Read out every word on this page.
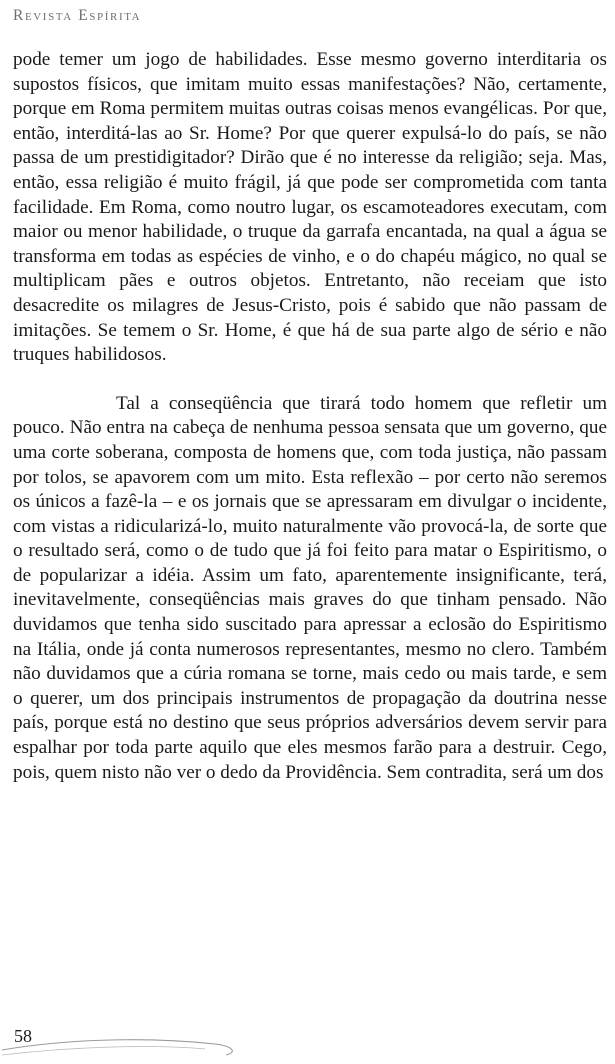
Revista Espírita

pode temer um jogo de habilidades. Esse mesmo governo interditaria os supostos físicos, que imitam muito essas manifestações? Não, certamente, porque em Roma permitem muitas outras coisas menos evangélicas. Por que, então, interditá-las ao Sr. Home? Por que querer expulsá-lo do país, se não passa de um prestidigitador? Dirão que é no interesse da religião; seja. Mas, então, essa religião é muito frágil, já que pode ser comprometida com tanta facilidade. Em Roma, como noutro lugar, os escamoteadores executam, com maior ou menor habilidade, o truque da garrafa encantada, na qual a água se transforma em todas as espécies de vinho, e o do chapéu mágico, no qual se multiplicam pães e outros objetos. Entretanto, não receiam que isto desacredite os milagres de Jesus-Cristo, pois é sabido que não passam de imitações. Se temem o Sr. Home, é que há de sua parte algo de sério e não truques habilidosos.

Tal a conseqüência que tirará todo homem que refletir um pouco. Não entra na cabeça de nenhuma pessoa sensata que um governo, que uma corte soberana, composta de homens que, com toda justiça, não passam por tolos, se apavorem com um mito. Esta reflexão – por certo não seremos os únicos a fazê-la – e os jornais que se apressaram em divulgar o incidente, com vistas a ridicularizá-lo, muito naturalmente vão provocá-la, de sorte que o resultado será, como o de tudo que já foi feito para matar o Espiritismo, o de popularizar a idéia. Assim um fato, aparentemente insignificante, terá, inevitavelmente, conseqüências mais graves do que tinham pensado. Não duvidamos que tenha sido suscitado para apressar a eclosão do Espiritismo na Itália, onde já conta numerosos representantes, mesmo no clero. Também não duvidamos que a cúria romana se torne, mais cedo ou mais tarde, e sem o querer, um dos principais instrumentos de propagação da doutrina nesse país, porque está no destino que seus próprios adversários devem servir para espalhar por toda parte aquilo que eles mesmos farão para a destruir. Cego, pois, quem nisto não ver o dedo da Providência. Sem contradita, será um dos

58
